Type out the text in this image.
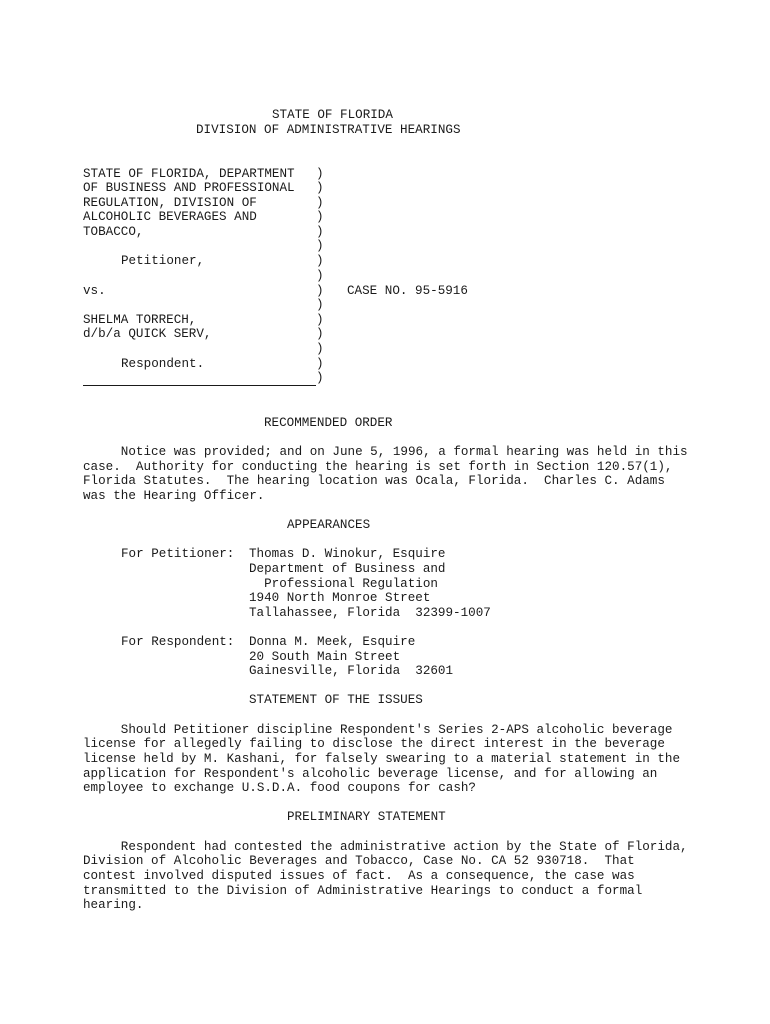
STATE OF FLORIDA
DIVISION OF ADMINISTRATIVE HEARINGS
STATE OF FLORIDA, DEPARTMENT
OF BUSINESS AND PROFESSIONAL
REGULATION, DIVISION OF
ALCOHOLIC BEVERAGES AND
TOBACCO,
Petitioner,
vs.
SHELMA TORRECH,
d/b/a QUICK SERV,
Respondent.
)
)
)
)
)
)
)
)
)
)
)
)
)
)
)
CASE NO. 95-5916
RECOMMENDED ORDER
Notice was provided; and on June 5, 1996, a formal hearing was held in this
case.  Authority for conducting the hearing is set forth in Section 120.57(1),
Florida Statutes.  The hearing location was Ocala, Florida.  Charles C. Adams
was the Hearing Officer.
APPEARANCES
For Petitioner: Thomas D. Winokur, Esquire
Department of Business and
Professional Regulation
1940 North Monroe Street
Tallahassee, Florida  32399-1007
For Respondent: Donna M. Meek, Esquire
20 South Main Street
Gainesville, Florida  32601
STATEMENT OF THE ISSUES
Should Petitioner discipline Respondent's Series 2-APS alcoholic beverage
license for allegedly failing to disclose the direct interest in the beverage
license held by M. Kashani, for falsely swearing to a material statement in the
application for Respondent's alcoholic beverage license, and for allowing an
employee to exchange U.S.D.A. food coupons for cash?
PRELIMINARY STATEMENT
Respondent had contested the administrative action by the State of Florida,
Division of Alcoholic Beverages and Tobacco, Case No. CA 52 930718.  That
contest involved disputed issues of fact.  As a consequence, the case was
transmitted to the Division of Administrative Hearings to conduct a formal
hearing.
